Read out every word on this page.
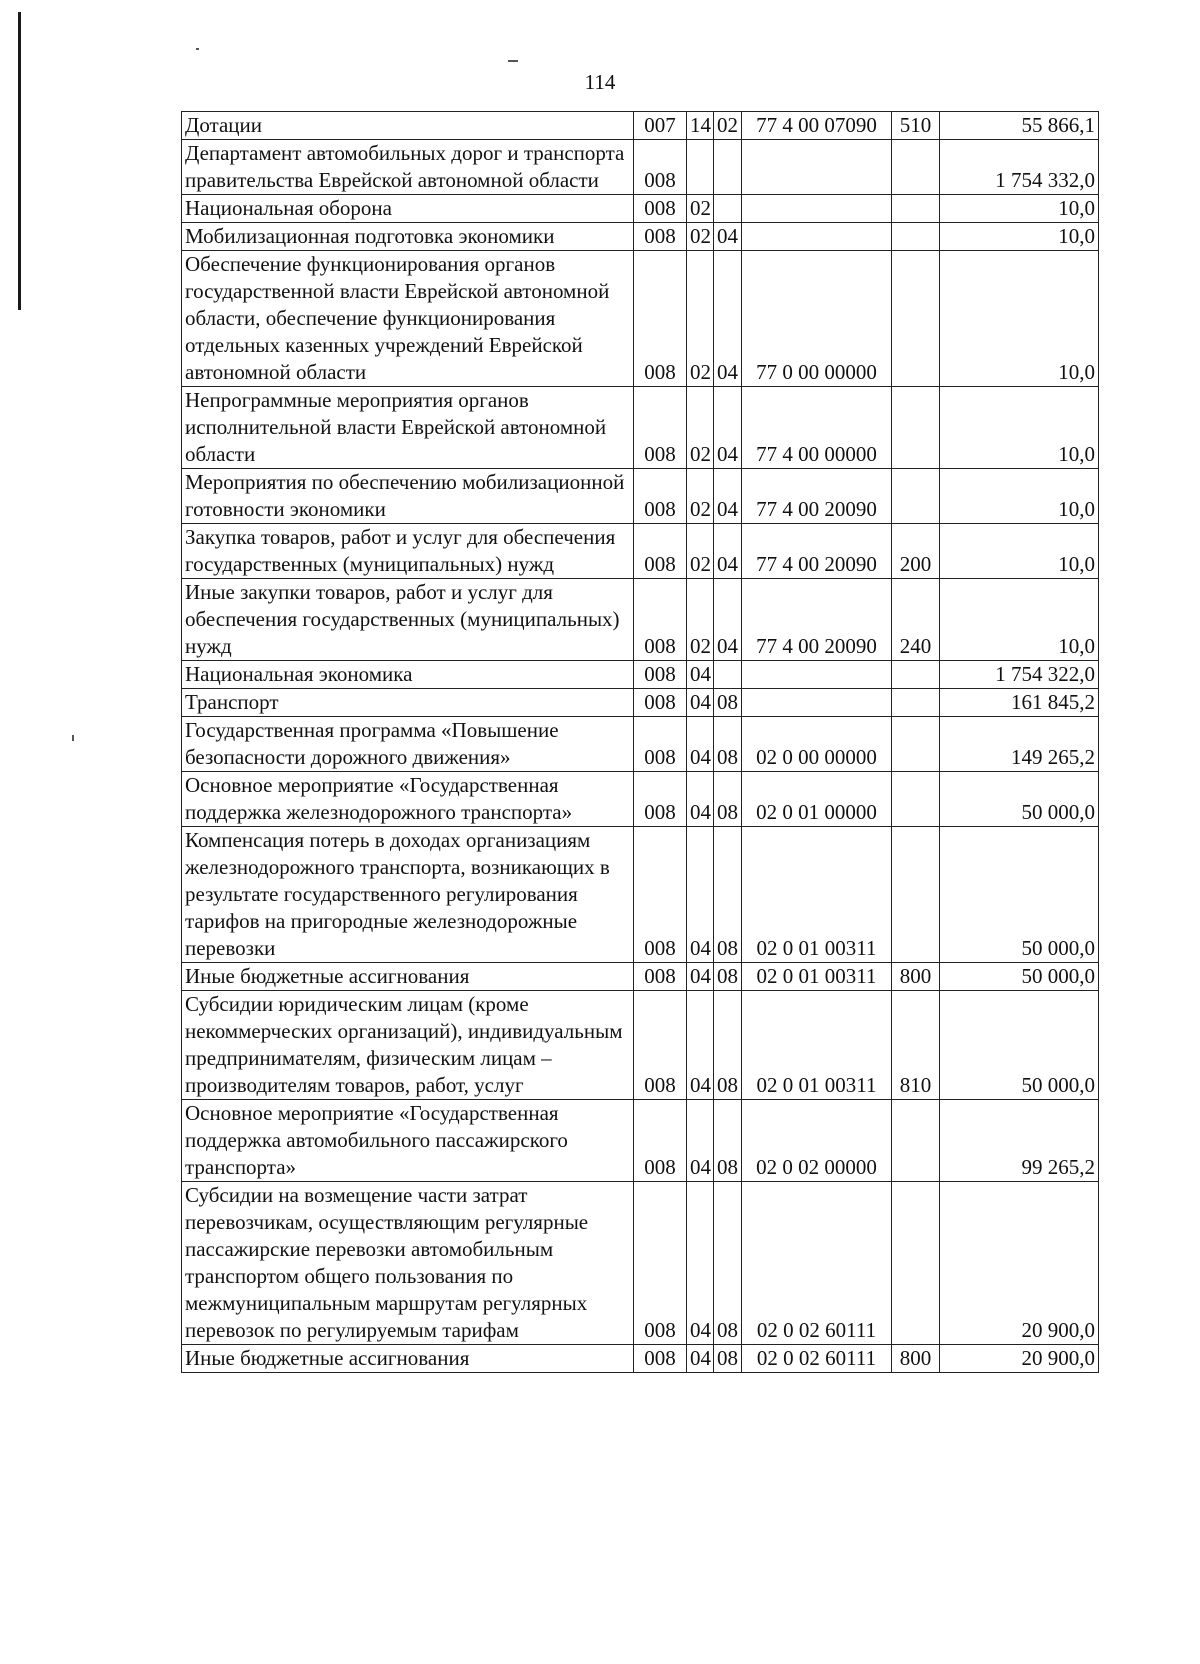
114
Дотации	007	14	02	77 4 00 07090	510	55 866,1
Департамент автомобильных дорог и транспорта правительства Еврейской автономной области	008					1 754 332,0
Национальная оборона	008	02				10,0
Мобилизационная подготовка экономики	008	02	04			10,0
Обеспечение функционирования органов государственной власти Еврейской автономной области, обеспечение функционирования отдельных казенных учреждений Еврейской автономной области	008	02	04	77 0 00 00000		10,0
Непрограммные мероприятия органов исполнительной власти Еврейской автономной области	008	02	04	77 4 00 00000		10,0
Мероприятия по обеспечению мобилизационной готовности экономики	008	02	04	77 4 00 20090		10,0
Закупка товаров, работ и услуг для обеспечения государственных (муниципальных) нужд	008	02	04	77 4 00 20090	200	10,0
Иные закупки товаров, работ и услуг для обеспечения государственных (муниципальных) нужд	008	02	04	77 4 00 20090	240	10,0
Национальная экономика	008	04				1 754 322,0
Транспорт	008	04	08			161 845,2
Государственная программа «Повышение безопасности дорожного движения»	008	04	08	02 0 00 00000		149 265,2
Основное мероприятие «Государственная поддержка железнодорожного транспорта»	008	04	08	02 0 01 00000		50 000,0
Компенсация потерь в доходах организациям железнодорожного транспорта, возникающих в результате государственного регулирования тарифов на пригородные железнодорожные перевозки	008	04	08	02 0 01 00311		50 000,0
Иные бюджетные ассигнования	008	04	08	02 0 01 00311	800	50 000,0
Субсидии юридическим лицам (кроме некоммерческих организаций), индивидуальным предпринимателям, физическим лицам – производителям товаров, работ, услуг	008	04	08	02 0 01 00311	810	50 000,0
Основное мероприятие «Государственная поддержка автомобильного пассажирского транспорта»	008	04	08	02 0 02 00000		99 265,2
Субсидии на возмещение части затрат перевозчикам, осуществляющим регулярные пассажирские перевозки автомобильным транспортом общего пользования по межмуниципальным маршрутам регулярных перевозок по регулируемым тарифам	008	04	08	02 0 02 60111		20 900,0
Иные бюджетные ассигнования	008	04	08	02 0 02 60111	800	20 900,0
